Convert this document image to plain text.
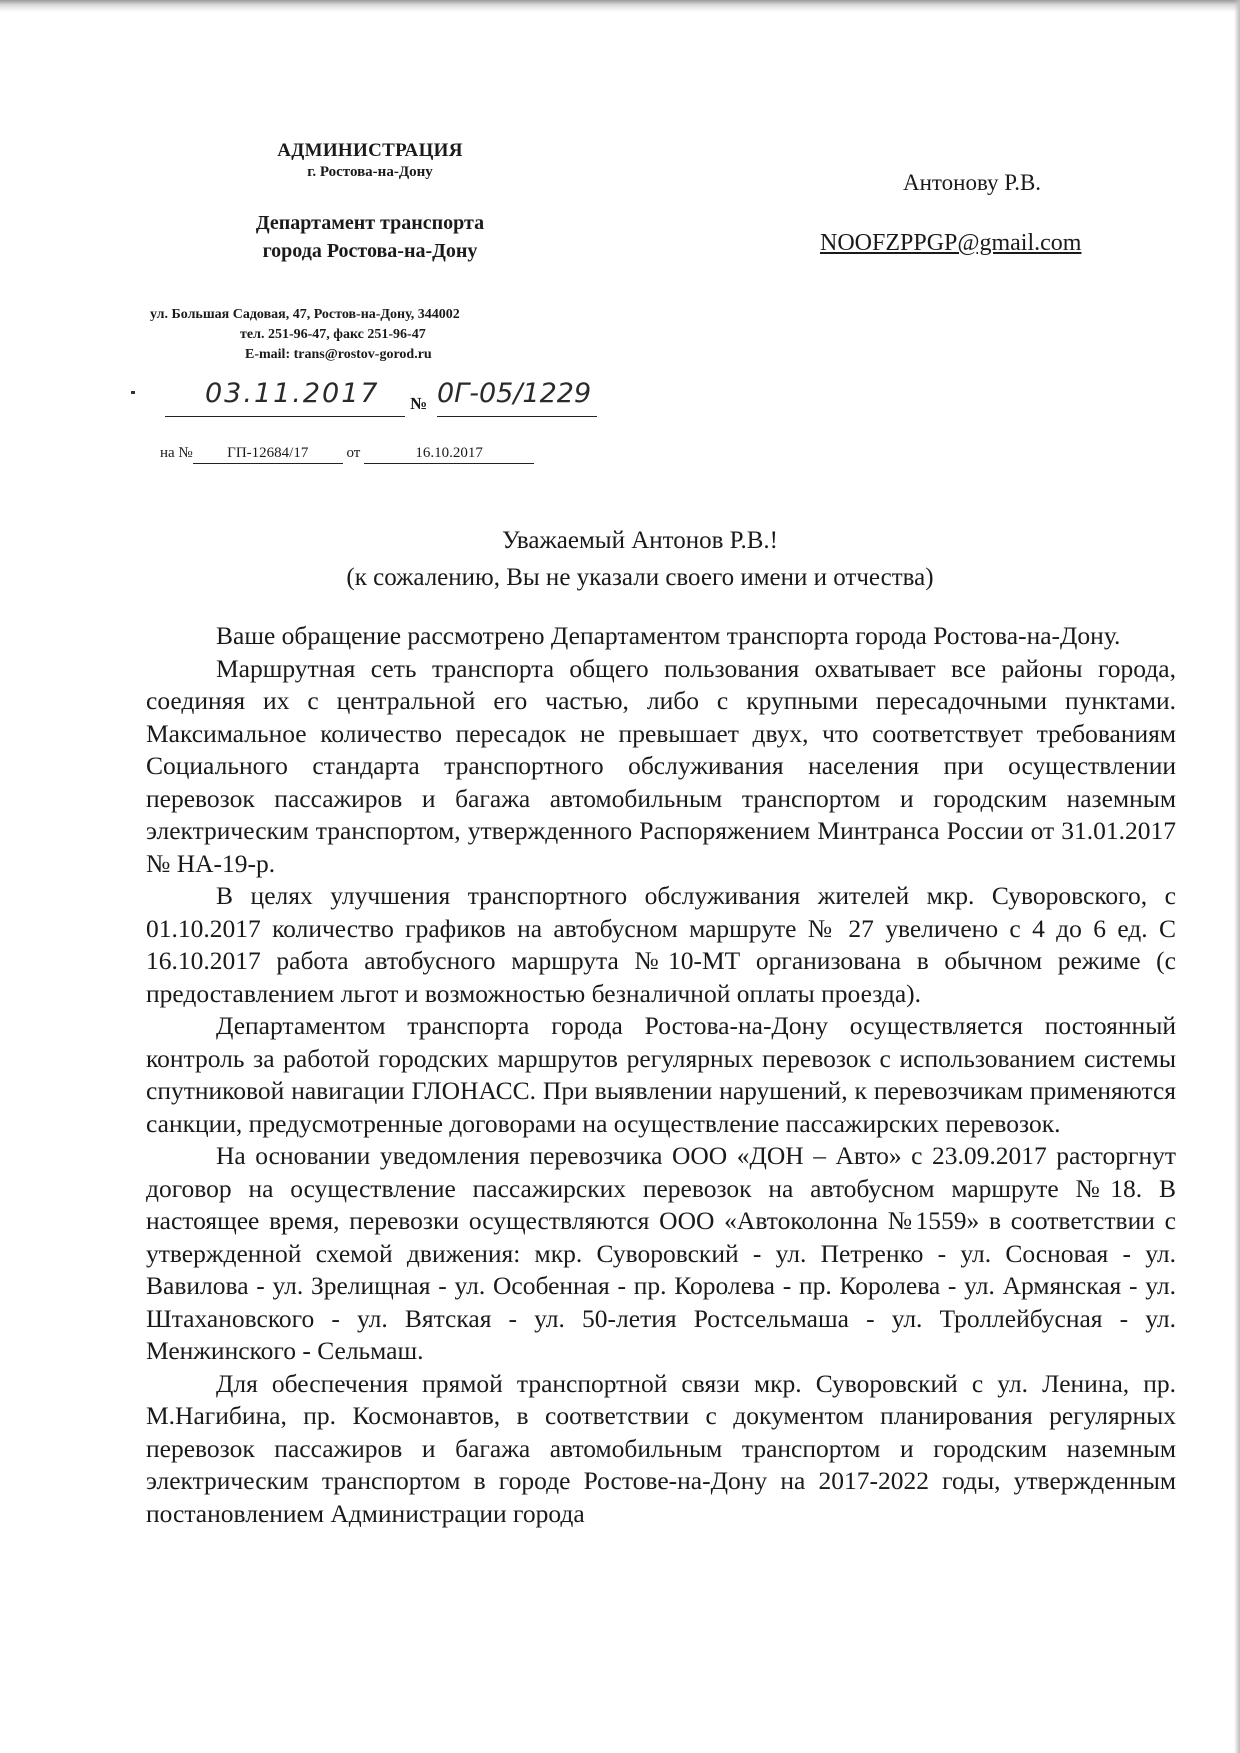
АДМИНИСТРАЦИЯ
г. Ростова-на-Дону
Департамент транспорта
города Ростова-на-Дону
ул. Большая Садовая, 47, Ростов-на-Дону, 344002
тел. 251-96-47, факс 251-96-47
E-mail: trans@rostov-gorod.ru
03.11.2017 № 0Г-05/1229
на № ГП-12684/17	от	16.10.2017
Антонову Р.В.
NOOFZPPGP@gmail.com
Уважаемый Антонов Р.В.!
(к сожалению, Вы не указали своего имени и отчества)

Ваше обращение рассмотрено Департаментом транспорта города Ростова-на-Дону.

Маршрутная сеть транспорта общего пользования охватывает все районы города, соединяя их с центральной его частью, либо с крупными пересадочными пунктами. Максимальное количество пересадок не превышает двух, что соответствует требованиям Социального стандарта транспортного обслуживания населения при осуществлении перевозок пассажиров и багажа автомобильным транспортом и городским наземным электрическим транспортом, утвержденного Распоряжением Минтранса России от 31.01.2017 № НА-19-р.

В целях улучшения транспортного обслуживания жителей мкр. Суворовского, с 01.10.2017 количество графиков на автобусном маршруте № 27 увеличено с 4 до 6 ед. С 16.10.2017 работа автобусного маршрута №10-МТ организована в обычном режиме (с предоставлением льгот и возможностью безналичной оплаты проезда).

Департаментом транспорта города Ростова-на-Дону осуществляется постоянный контроль за работой городских маршрутов регулярных перевозок с использованием системы спутниковой навигации ГЛОНАСС. При выявлении нарушений, к перевозчикам применяются санкции, предусмотренные договорами на осуществление пассажирских перевозок.

На основании уведомления перевозчика ООО «ДОН – Авто» с 23.09.2017 расторгнут договор на осуществление пассажирских перевозок на автобусном маршруте №18. В настоящее время, перевозки осуществляются ООО «Автоколонна №1559» в соответствии с утвержденной схемой движения: мкр. Суворовский - ул. Петренко - ул. Сосновая - ул. Вавилова - ул. Зрелищная - ул. Особенная - пр. Королева - пр. Королева - ул. Армянская - ул. Штахановского - ул. Вятская - ул. 50-летия Ростсельмаша - ул. Троллейбусная - ул. Менжинского - Сельмаш.

Для обеспечения прямой транспортной связи мкр. Суворовский с ул. Ленина, пр. М.Нагибина, пр. Космонавтов, в соответствии с документом планирования регулярных перевозок пассажиров и багажа автомобильным транспортом и городским наземным электрическим транспортом в городе Ростове-на-Дону на 2017-2022 годы, утвержденным постановлением Администрации города
